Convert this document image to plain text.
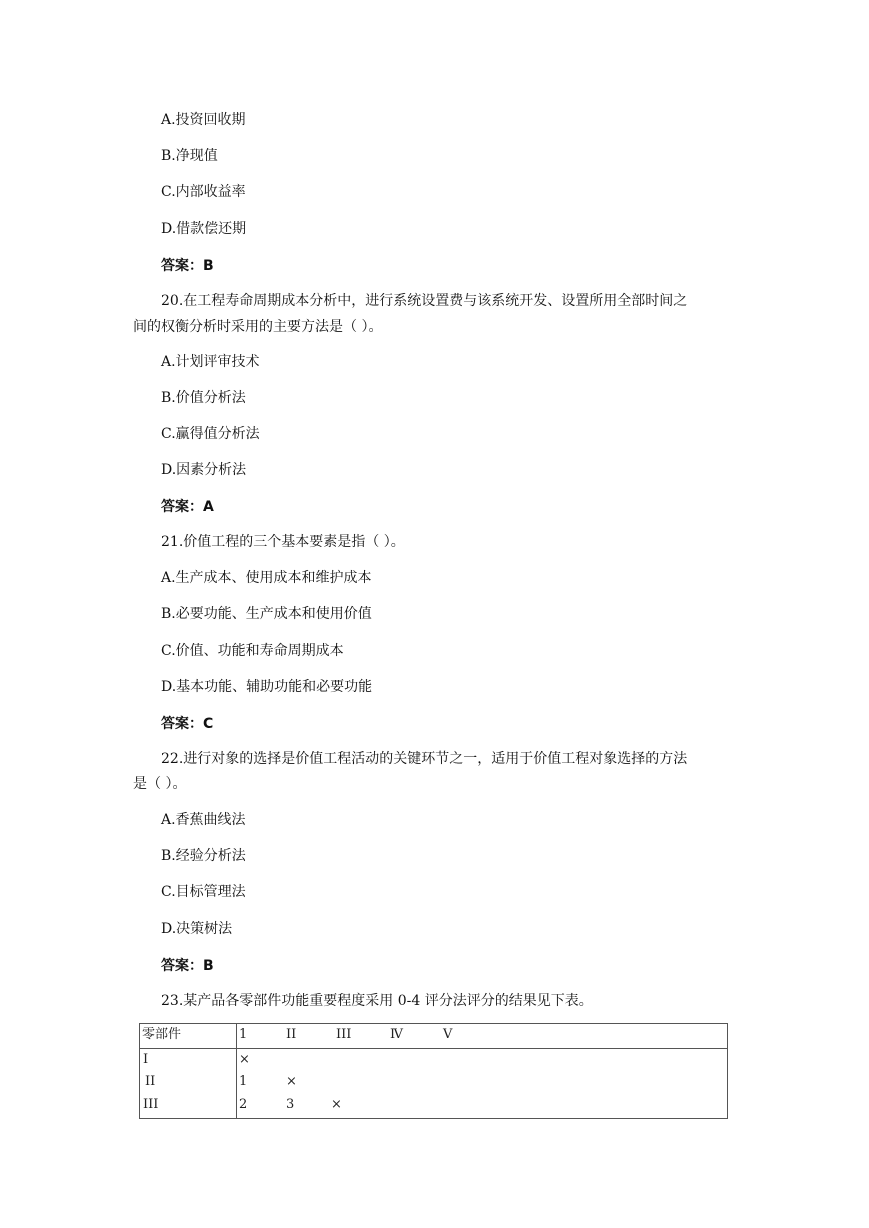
A.投资回收期
B.净现值
C.内部收益率
D.借款偿还期
答案：B
20.在工程寿命周期成本分析中，进行系统设置费与该系统开发、设置所用全部时间之
间的权衡分析时采用的主要方法是（ ）。
A.计划评审技术
B.价值分析法
C.赢得值分析法
D.因素分析法
答案：A
21.价值工程的三个基本要素是指（ ）。
A.生产成本、使用成本和维护成本
B.必要功能、生产成本和使用价值
C.价值、功能和寿命周期成本
D.基本功能、辅助功能和必要功能
答案：C
22.进行对象的选择是价值工程活动的关键环节之一，适用于价值工程对象选择的方法
是（ ）。
A.香蕉曲线法
B.经验分析法
C.目标管理法
D.决策树法
答案：B
23.某产品各零部件功能重要程度采用 0-4 评分法评分的结果见下表。
零部件	1	II	III	Ⅳ	V
I	×
II	1	×
III	2	3	×
